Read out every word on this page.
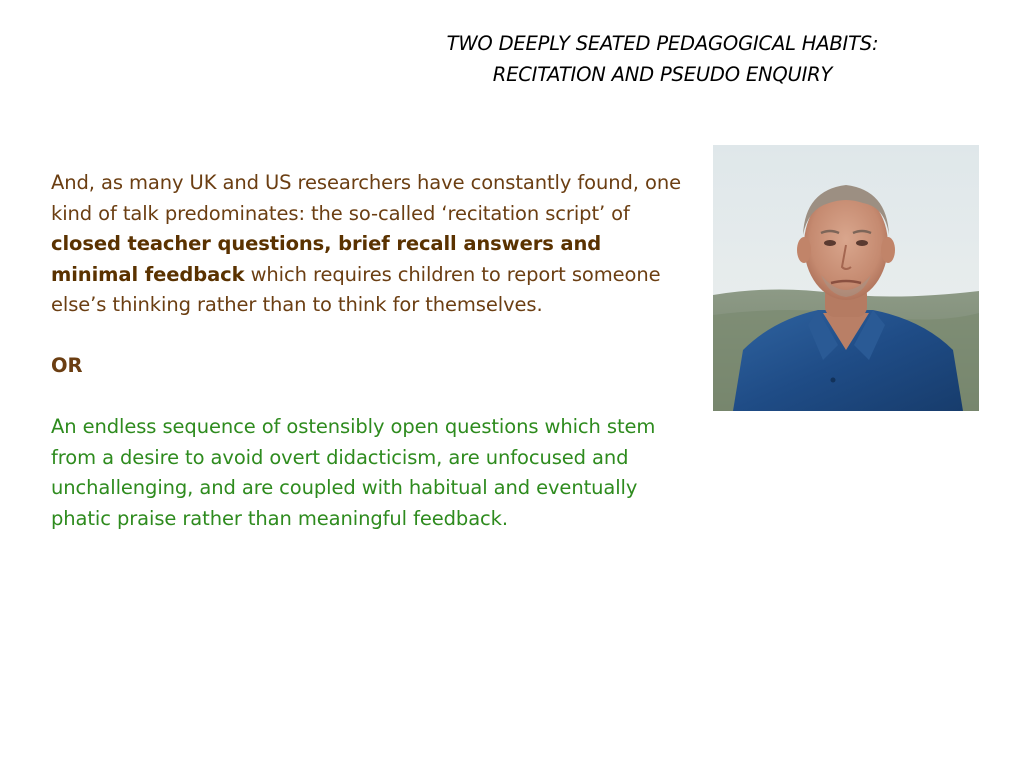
TWO DEEPLY SEATED PEDAGOGICAL HABITS:
RECITATION AND PSEUDO ENQUIRY

And, as many UK and US researchers have constantly found, one kind of talk predominates: the so-called ‘recitation script’ of closed teacher questions, brief recall answers and minimal feedback which requires children to report someone else’s thinking rather than to think for themselves.

OR

An endless sequence of ostensibly open questions which stem from a desire to avoid overt didacticism, are unfocused and unchallenging, and are coupled with habitual and eventually phatic praise rather than meaningful feedback.
